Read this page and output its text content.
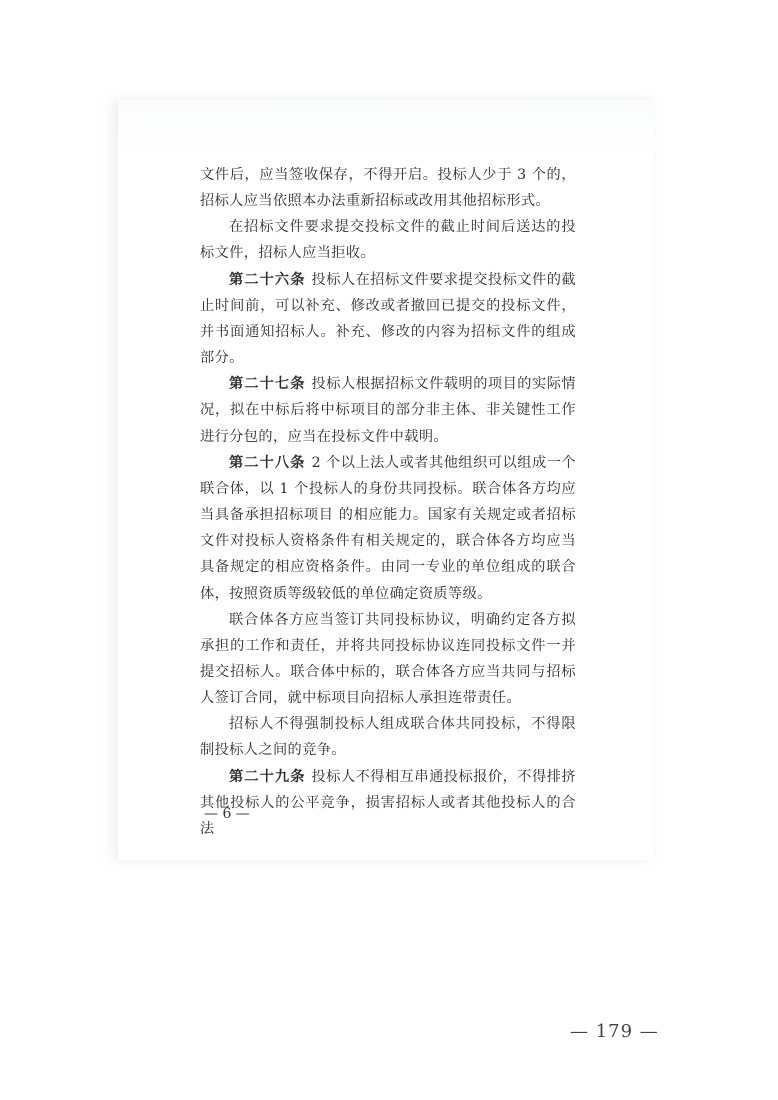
文件后，应当签收保存，不得开启。投标人少于 3 个的，招标人应当依照本办法重新招标或改用其他招标形式。

在招标文件要求提交投标文件的截止时间后送达的投标文件，招标人应当拒收。

第二十六条 投标人在招标文件要求提交投标文件的截止时间前，可以补充、修改或者撤回已提交的投标文件，并书面通知招标人。补充、修改的内容为招标文件的组成部分。

第二十七条 投标人根据招标文件载明的项目的实际情况，拟在中标后将中标项目的部分非主体、非关键性工作进行分包的，应当在投标文件中载明。

第二十八条 2 个以上法人或者其他组织可以组成一个联合体，以 1 个投标人的身份共同投标。联合体各方均应当具备承担招标项目 的相应能力。国家有关规定或者招标文件对投标人资格条件有相关规定的，联合体各方均应当具备规定的相应资格条件。由同一专业的单位组成的联合体，按照资质等级较低的单位确定资质等级。

联合体各方应当签订共同投标协议，明确约定各方拟承担的工作和责任，并将共同投标协议连同投标文件一并提交招标人。联合体中标的，联合体各方应当共同与招标人签订合同，就中标项目向招标人承担连带责任。

招标人不得强制投标人组成联合体共同投标，不得限制投标人之间的竞争。

第二十九条 投标人不得相互串通投标报价，不得排挤其他投标人的公平竞争，损害招标人或者其他投标人的合法

— 6 —
— 179 —
